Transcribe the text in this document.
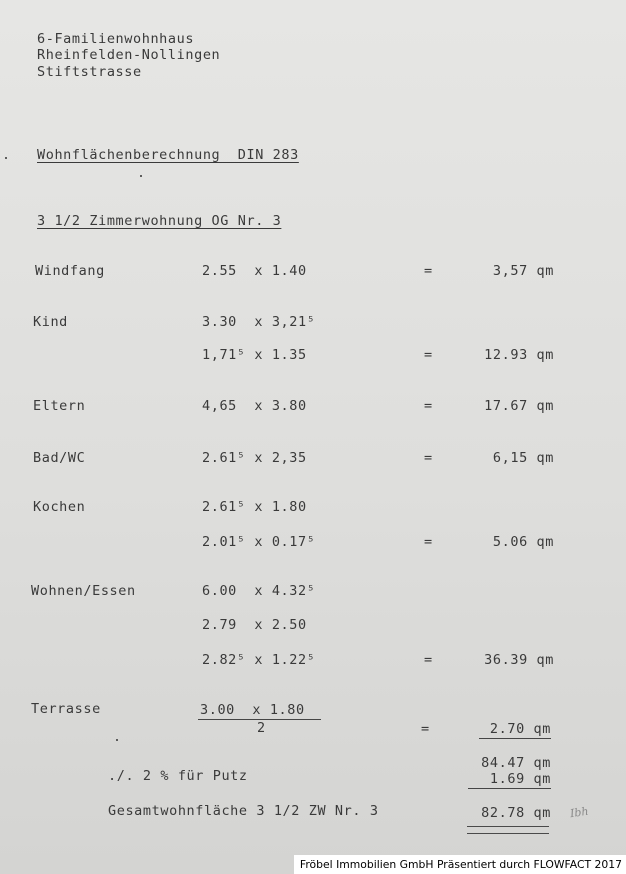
6-Familienwohnhaus
Rheinfelden-Nollingen
Stiftstrasse
Wohnflächenberechnung  DIN 283
3 1/2 Zimmerwohnung OG Nr. 3
Windfang	2.55  x 1.40	=	3,57 qm
Kind	3.30  x 3,21⁵
1,71⁵ x 1.35	=	12.93 qm
Eltern	4,65  x 3.80	=	17.67 qm
Bad/WC	2.61⁵ x 2,35	=	6,15 qm
Kochen	2.61⁵ x 1.80
2.01⁵ x 0.17⁵	=	5.06 qm
Wohnen/Essen	6.00  x 4.32⁵
2.79  x 2.50
2.82⁵ x 1.22⁵	=	36.39 qm
Terrasse	3.00  x 1.80
2	=	2.70 qm
84.47 qm
./. 2 % für Putz	1.69 qm
Gesamtwohnfläche 3 1/2 ZW Nr. 3	82.78 qm Ibh
Fröbel Immobilien GmbH Präsentiert durch FLOWFACT 2017
